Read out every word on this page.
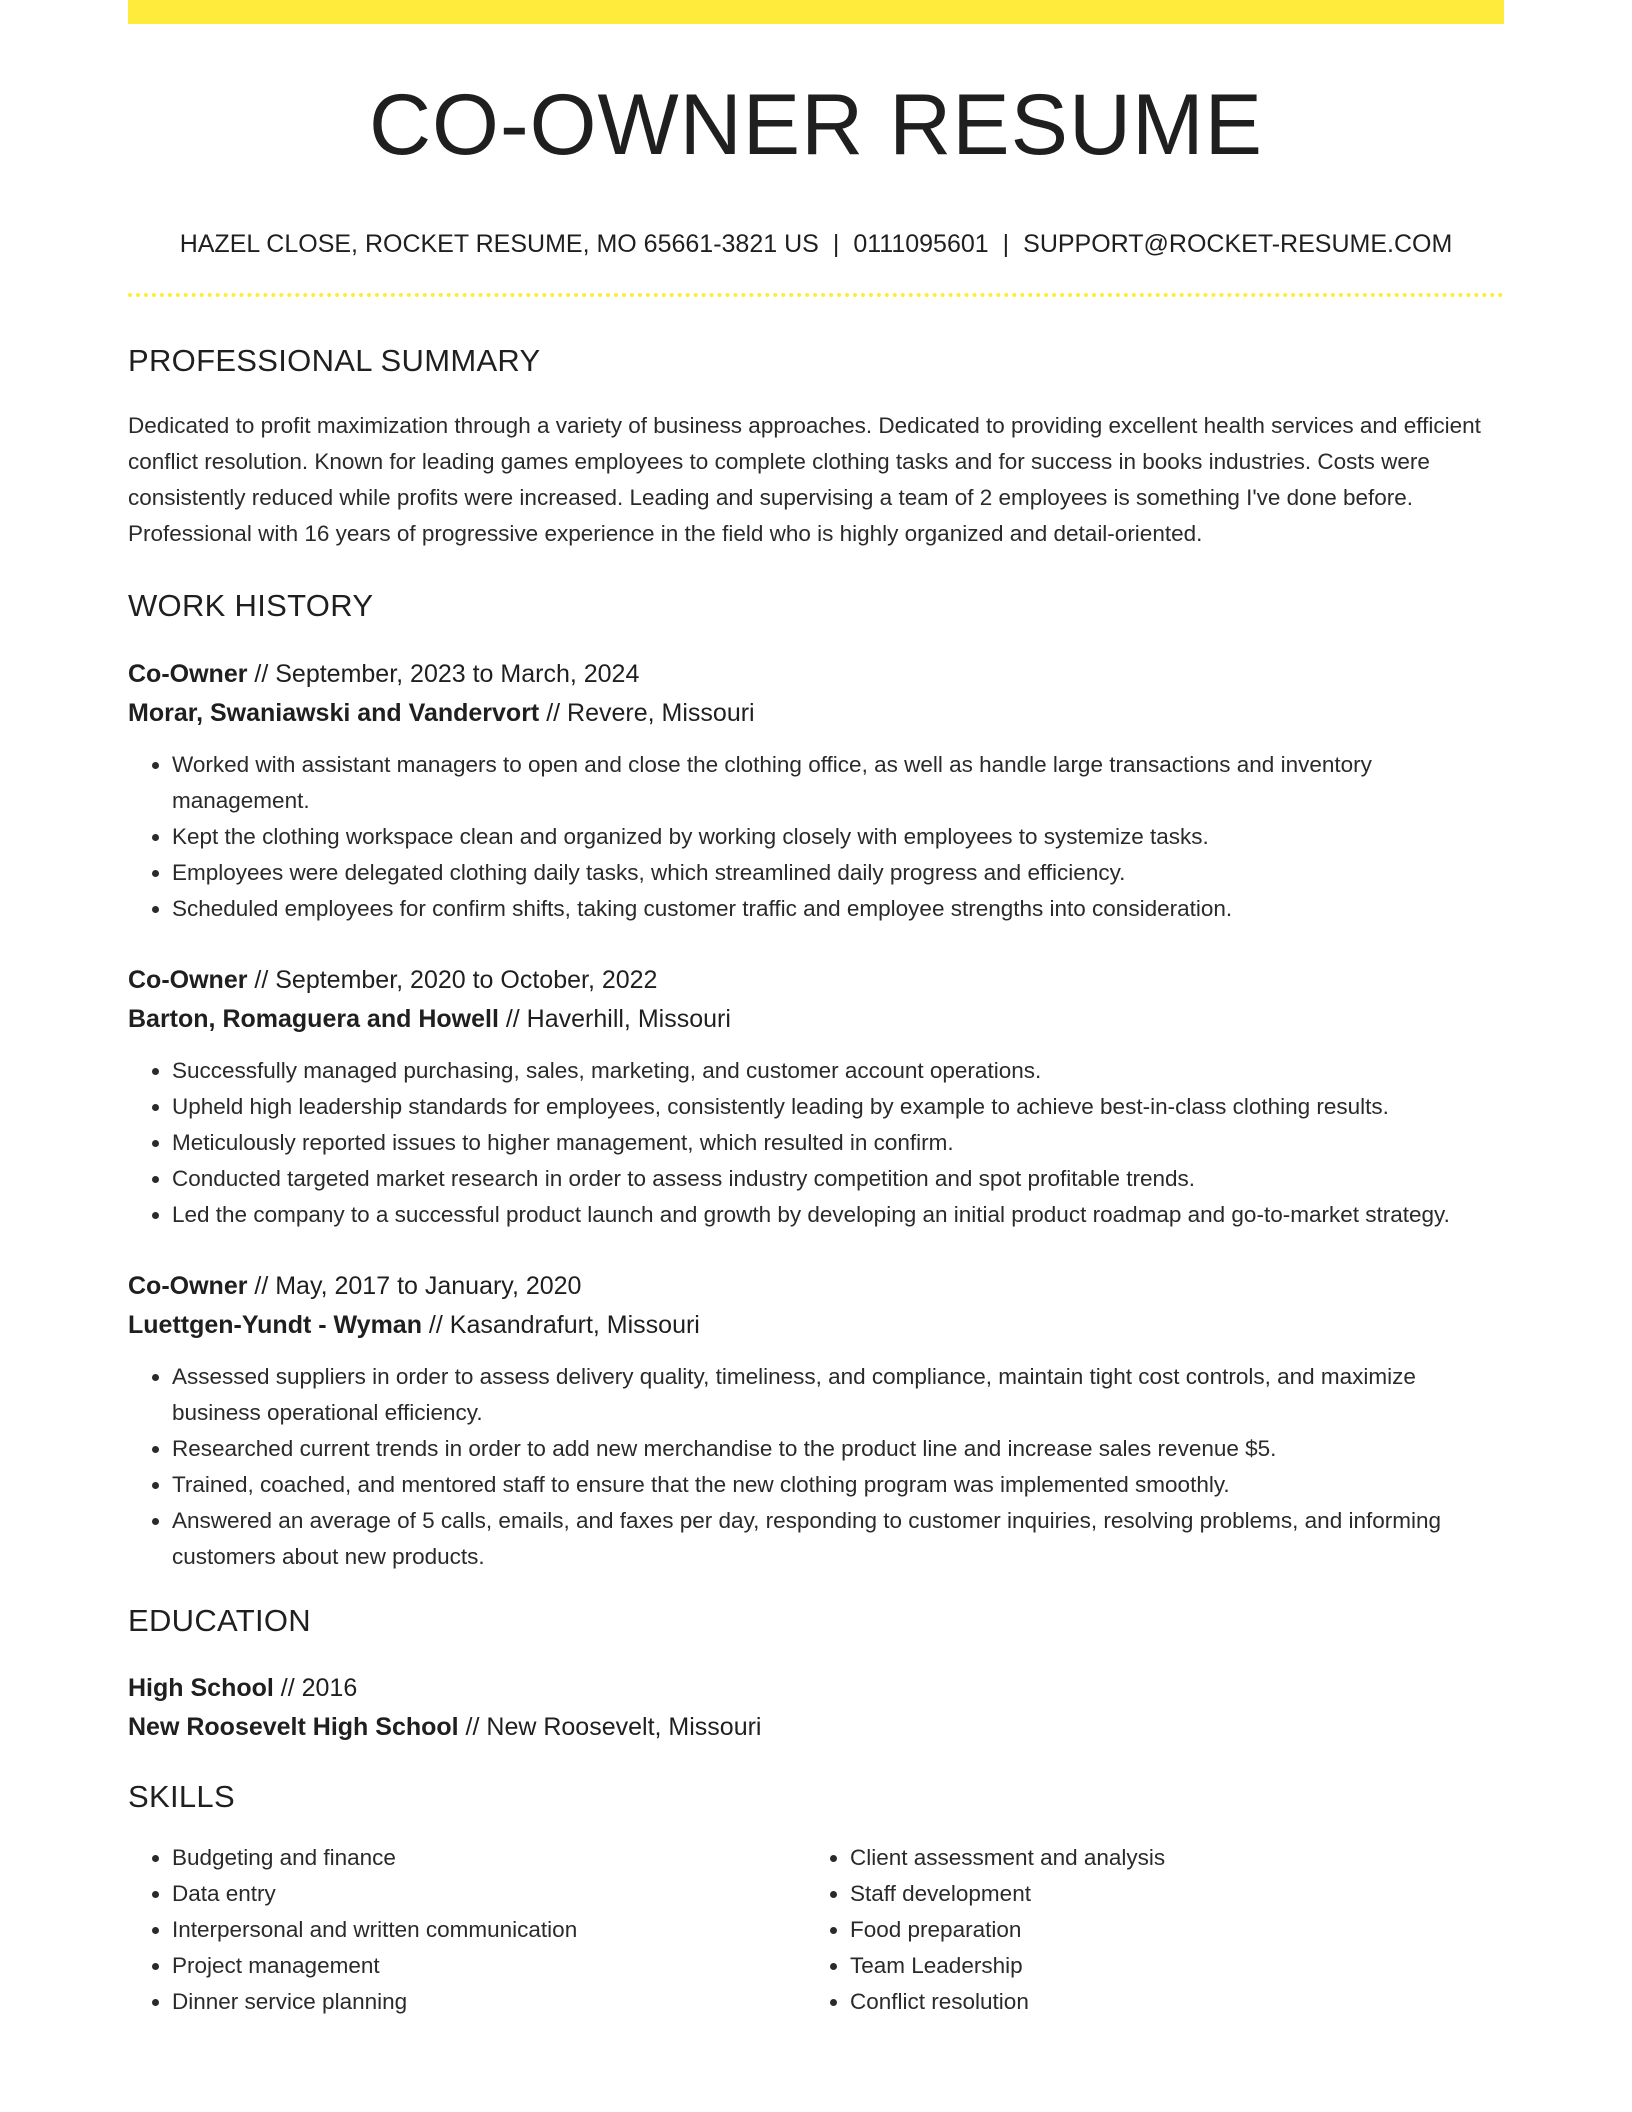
CO-OWNER RESUME
HAZEL CLOSE, ROCKET RESUME, MO 65661-3821 US | 0111095601 | SUPPORT@ROCKET-RESUME.COM
PROFESSIONAL SUMMARY

Dedicated to profit maximization through a variety of business approaches. Dedicated to providing excellent health services and efficient conflict resolution. Known for leading games employees to complete clothing tasks and for success in books industries. Costs were consistently reduced while profits were increased. Leading and supervising a team of 2 employees is something I've done before. Professional with 16 years of progressive experience in the field who is highly organized and detail-oriented.

WORK HISTORY
Co-Owner // September, 2023 to March, 2024
Morar, Swaniawski and Vandervort // Revere, Missouri
• Worked with assistant managers to open and close the clothing office, as well as handle large transactions and inventory management.
• Kept the clothing workspace clean and organized by working closely with employees to systemize tasks.
• Employees were delegated clothing daily tasks, which streamlined daily progress and efficiency.
• Scheduled employees for confirm shifts, taking customer traffic and employee strengths into consideration.
Co-Owner // September, 2020 to October, 2022
Barton, Romaguera and Howell // Haverhill, Missouri
• Successfully managed purchasing, sales, marketing, and customer account operations.
• Upheld high leadership standards for employees, consistently leading by example to achieve best-in-class clothing results.
• Meticulously reported issues to higher management, which resulted in confirm.
• Conducted targeted market research in order to assess industry competition and spot profitable trends.
• Led the company to a successful product launch and growth by developing an initial product roadmap and go-to-market strategy.
Co-Owner // May, 2017 to January, 2020
Luettgen-Yundt - Wyman // Kasandrafurt, Missouri
• Assessed suppliers in order to assess delivery quality, timeliness, and compliance, maintain tight cost controls, and maximize business operational efficiency.
• Researched current trends in order to add new merchandise to the product line and increase sales revenue $5.
• Trained, coached, and mentored staff to ensure that the new clothing program was implemented smoothly.
• Answered an average of 5 calls, emails, and faxes per day, responding to customer inquiries, resolving problems, and informing customers about new products.
EDUCATION
High School // 2016
New Roosevelt High School // New Roosevelt, Missouri
SKILLS
• Budgeting and finance
• Data entry
• Interpersonal and written communication
• Project management
• Dinner service planning
• Client assessment and analysis
• Staff development
• Food preparation
• Team Leadership
• Conflict resolution
